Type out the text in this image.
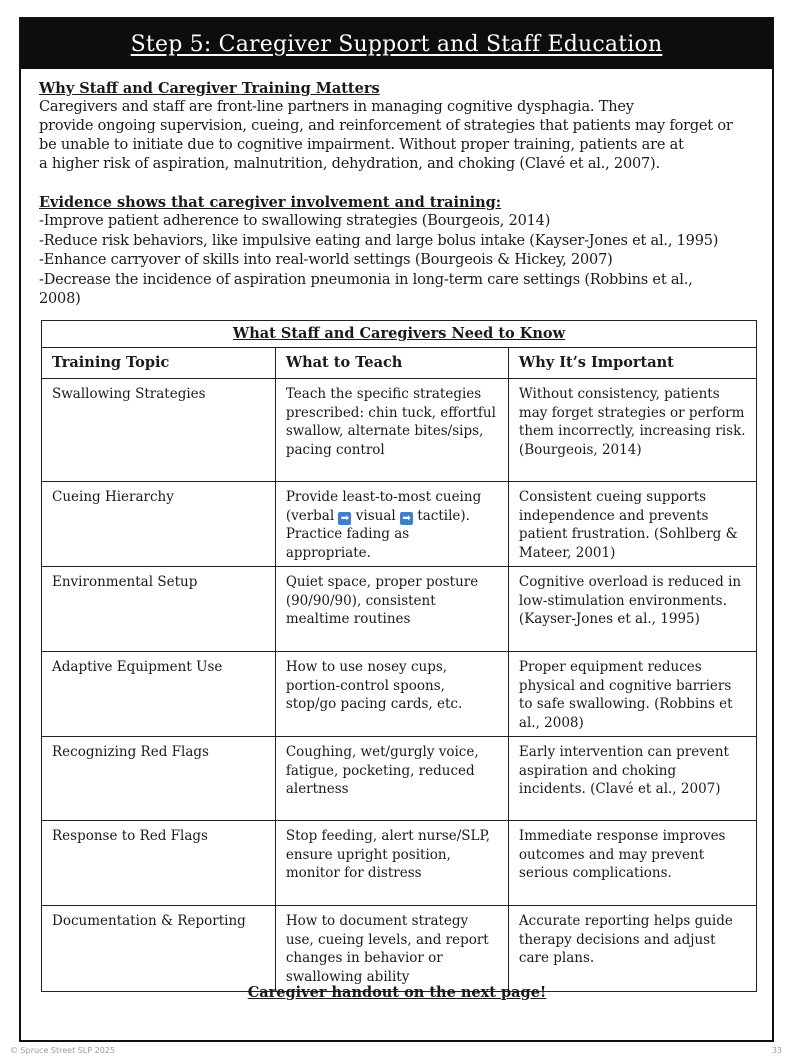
Step 5: Caregiver Support and Staff Education

Why Staff and Caregiver Training Matters

Caregivers and staff are front-line partners in managing cognitive dysphagia. They

provide ongoing supervision, cueing, and reinforcement of strategies that patients may forget or

be unable to initiate due to cognitive impairment. Without proper training, patients are at

a higher risk of aspiration, malnutrition, dehydration, and choking (Clavé et al., 2007).

Evidence shows that caregiver involvement and training:

-Improve patient adherence to swallowing strategies (Bourgeois, 2014)
-Reduce risk behaviors, like impulsive eating and large bolus intake (Kayser-Jones et al., 1995)
-Enhance carryover of skills into real-world settings (Bourgeois & Hickey, 2007)
-Decrease the incidence of aspiration pneumonia in long-term care settings (Robbins et al.,
2008)
What Staff and Caregivers Need to Know		
Training Topic	What to Teach	Why It’s Important
Swallowing Strategies	Teach the specific strategies prescribed: chin tuck, effortful swallow, alternate bites/sips, pacing control	Without consistency, patients may forget strategies or perform them incorrectly, increasing risk. (Bourgeois, 2014)
Cueing Hierarchy	Provide least-to-most cueing (verbal ➡ visual ➡ tactile). Practice fading as appropriate.	Consistent cueing supports independence and prevents patient frustration. (Sohlberg & Mateer, 2001)
Environmental Setup	Quiet space, proper posture (90/90/90), consistent mealtime routines	Cognitive overload is reduced in low-stimulation environments. (Kayser-Jones et al., 1995)
Adaptive Equipment Use	How to use nosey cups, portion-control spoons, stop/go pacing cards, etc.	Proper equipment reduces physical and cognitive barriers to safe swallowing. (Robbins et al., 2008)
Recognizing Red Flags	Coughing, wet/gurgly voice, fatigue, pocketing, reduced alertness	Early intervention can prevent aspiration and choking incidents. (Clavé et al., 2007)
Response to Red Flags	Stop feeding, alert nurse/SLP, ensure upright position, monitor for distress	Immediate response improves outcomes and may prevent serious complications.
Documentation & Reporting	How to document strategy use, cueing levels, and report changes in behavior or swallowing ability	Accurate reporting helps guide therapy decisions and adjust care plans.

Caregiver handout on the next page!

© Spruce Street SLP 2025	33
